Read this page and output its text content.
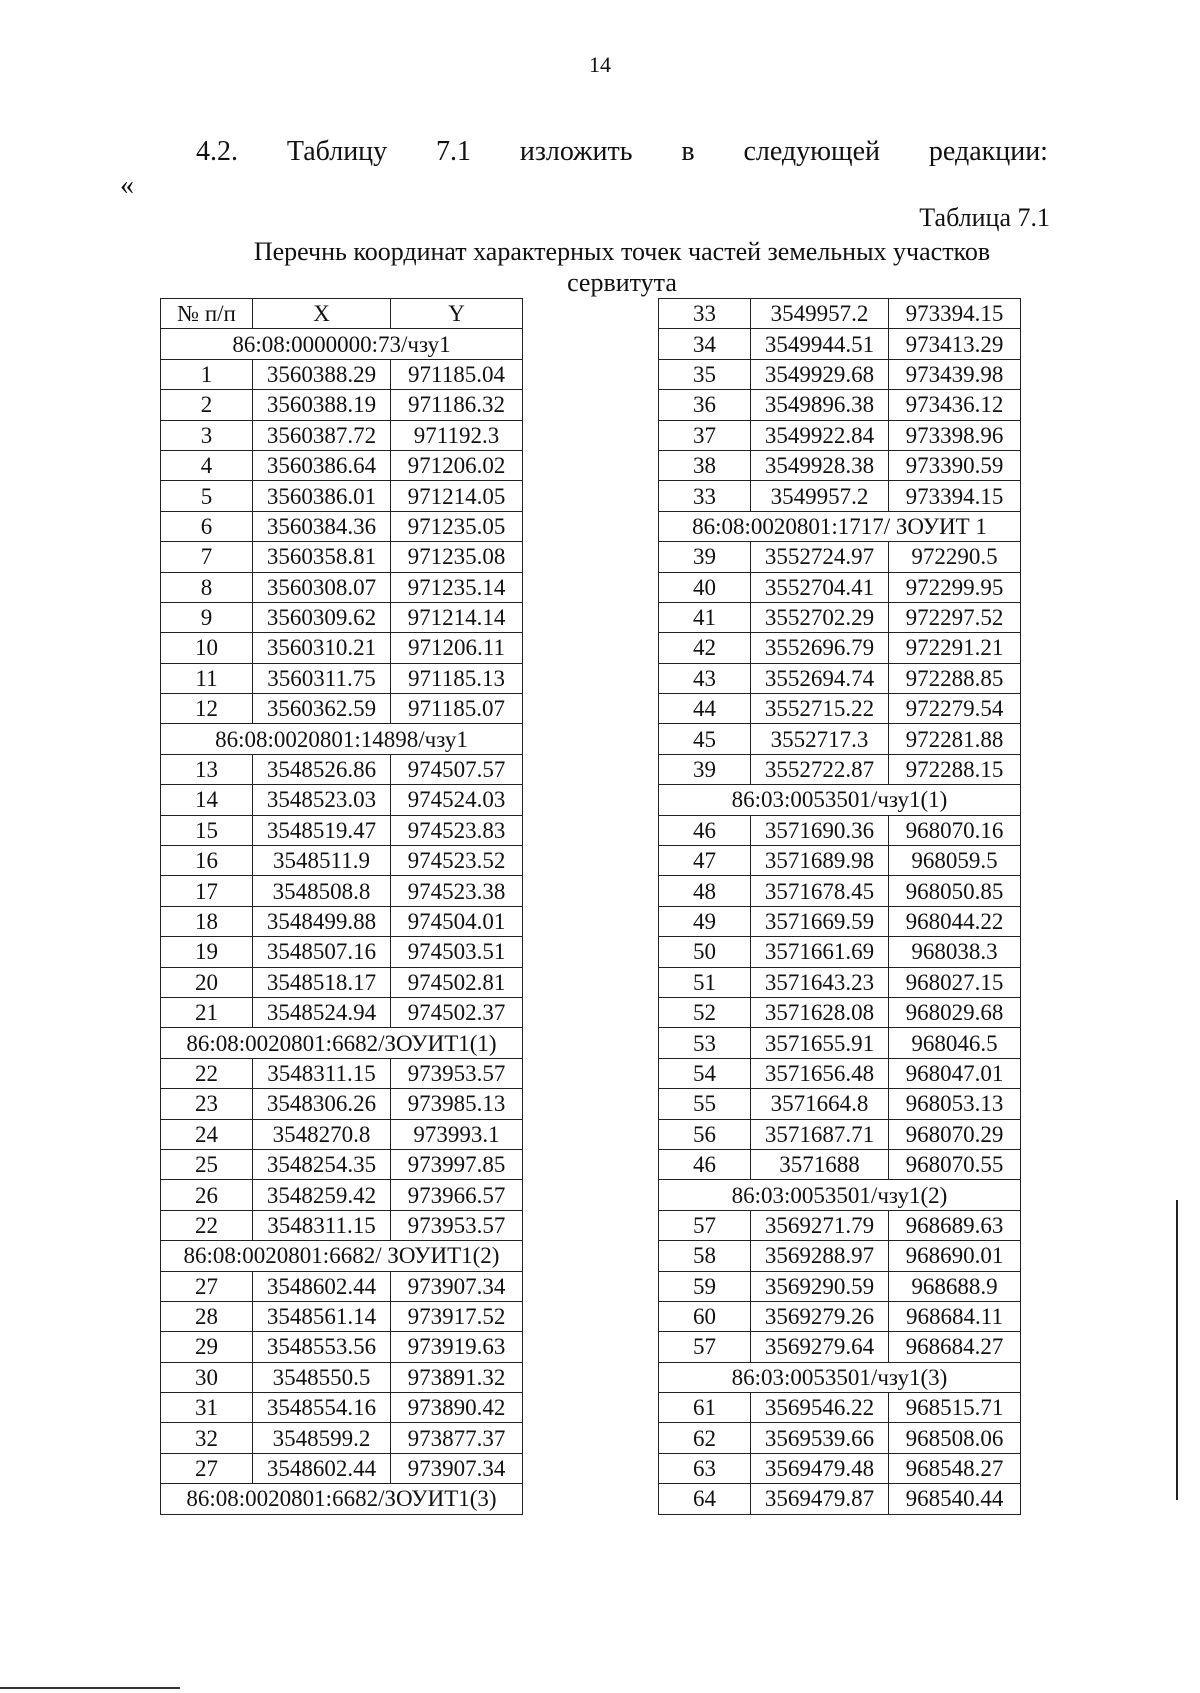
14
4.2. Таблицу 7.1 изложить в следующей редакции:
«
Таблица 7.1
Перечнь координат характерных точек частей земельных участков сервитута
№ п/п	X	Y
86:08:0000000:73/чзу1		
1	3560388.29	971185.04
2	3560388.19	971186.32
3	3560387.72	971192.3
4	3560386.64	971206.02
5	3560386.01	971214.05
6	3560384.36	971235.05
7	3560358.81	971235.08
8	3560308.07	971235.14
9	3560309.62	971214.14
10	3560310.21	971206.11
11	3560311.75	971185.13
12	3560362.59	971185.07
86:08:0020801:14898/чзу1		
13	3548526.86	974507.57
14	3548523.03	974524.03
15	3548519.47	974523.83
16	3548511.9	974523.52
17	3548508.8	974523.38
18	3548499.88	974504.01
19	3548507.16	974503.51
20	3548518.17	974502.81
21	3548524.94	974502.37
86:08:0020801:6682/ЗОУИТ1(1)		
22	3548311.15	973953.57
23	3548306.26	973985.13
24	3548270.8	973993.1
25	3548254.35	973997.85
26	3548259.42	973966.57
22	3548311.15	973953.57
86:08:0020801:6682/ ЗОУИТ1(2)		
27	3548602.44	973907.34
28	3548561.14	973917.52
29	3548553.56	973919.63
30	3548550.5	973891.32
31	3548554.16	973890.42
32	3548599.2	973877.37
27	3548602.44	973907.34
86:08:0020801:6682/ЗОУИТ1(3)		
33	3549957.2	973394.15
34	3549944.51	973413.29
35	3549929.68	973439.98
36	3549896.38	973436.12
37	3549922.84	973398.96
38	3549928.38	973390.59
33	3549957.2	973394.15
86:08:0020801:1717/ ЗОУИТ 1		
39	3552724.97	972290.5
40	3552704.41	972299.95
41	3552702.29	972297.52
42	3552696.79	972291.21
43	3552694.74	972288.85
44	3552715.22	972279.54
45	3552717.3	972281.88
39	3552722.87	972288.15
86:03:0053501/чзу1(1)		
46	3571690.36	968070.16
47	3571689.98	968059.5
48	3571678.45	968050.85
49	3571669.59	968044.22
50	3571661.69	968038.3
51	3571643.23	968027.15
52	3571628.08	968029.68
53	3571655.91	968046.5
54	3571656.48	968047.01
55	3571664.8	968053.13
56	3571687.71	968070.29
46	3571688	968070.55
86:03:0053501/чзу1(2)		
57	3569271.79	968689.63
58	3569288.97	968690.01
59	3569290.59	968688.9
60	3569279.26	968684.11
57	3569279.64	968684.27
86:03:0053501/чзу1(3)		
61	3569546.22	968515.71
62	3569539.66	968508.06
63	3569479.48	968548.27
64	3569479.87	968540.44
